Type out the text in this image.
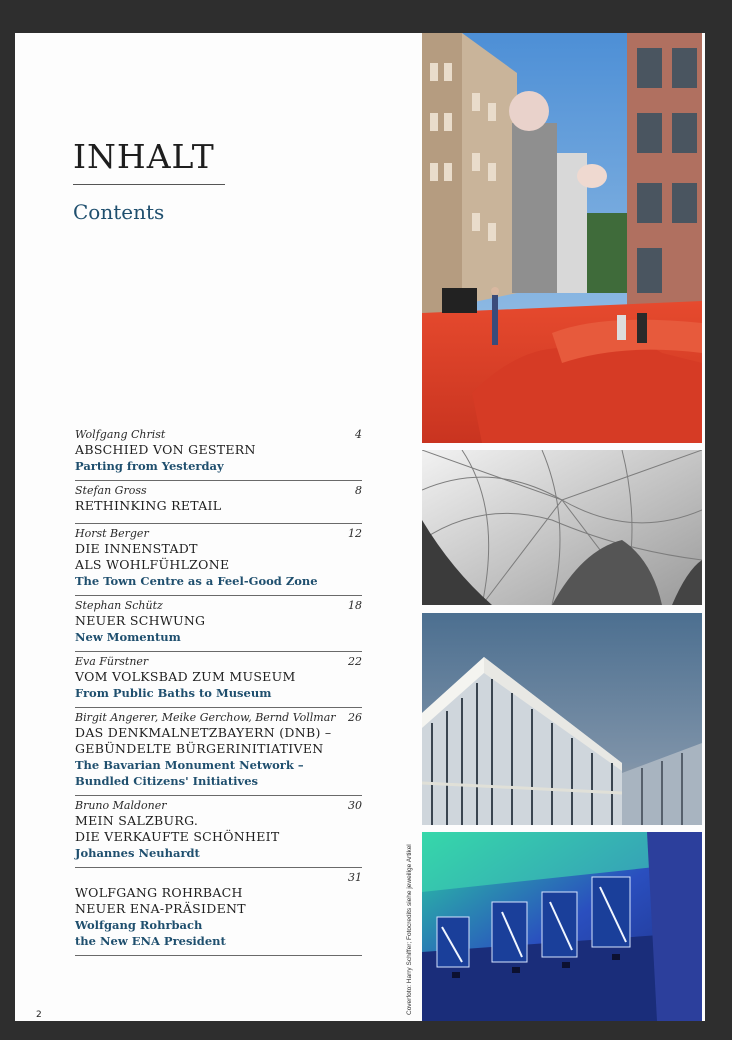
INHALT
Contents
Wolfgang Christ	4
ABSCHIED VON GESTERN
Parting from Yesterday
Stefan Gross	8
RETHINKING RETAIL
Horst Berger	12
DIE INNENSTADT
ALS WOHLFÜHLZONE
The Town Centre as a Feel-Good Zone
Stephan Schütz	18
NEUER SCHWUNG
New Momentum
Eva Fürstner	22
VOM VOLKSBAD ZUM MUSEUM
From Public Baths to Museum
Birgit Angerer, Meike Gerchow, Bernd Vollmar	26
DAS DENKMALNETZBAYERN (DNB) –
GEBÜNDELTE BÜRGERINITIATIVEN
The Bavarian Monument Network –
Bundled Citizens' Initiatives
Bruno Maldoner	30
MEIN SALZBURG.
DIE VERKAUFTE SCHÖNHEIT
Johannes Neuhardt
31
WOLFGANG ROHRBACH
NEUER ENA-PRÄSIDENT
Wolfgang Rohrbach
the New ENA President
2	Coverfoto: Harry Schiffer; Fotocredits siehe jeweilige Artikel
